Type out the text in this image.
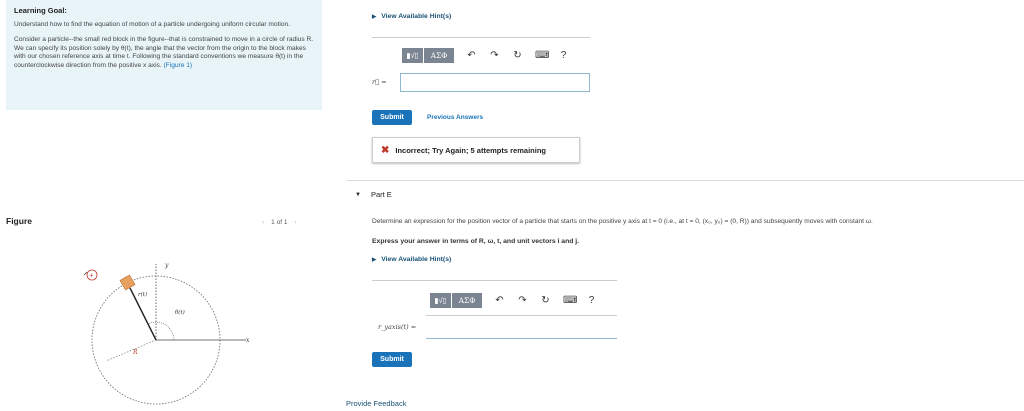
Learning Goal:
Understand how to find the equation of motion of a particle undergoing uniform circular motion.
Consider a particle--the small red block in the figure--that is constrained to move in a circle of radius R. We can specify its position solely by θ(t), the angle that the vector from the origin to the block makes with our chosen reference axis at time t. Following the standard conventions we measure θ(t) in the counterclockwise direction from the positive x axis. (Figure 1)
Figure	‹ 1 of 1 ›
y
x
θ(t)
r(t)
R
+
▶ View Available Hint(s)
▮√▯	ΑΣΦ	↶ ↷ ↻ ⌨ ?
r⃗ =
Submit	Previous Answers
✖ Incorrect; Try Again; 5 attempts remaining
▼ Part E
Determine an expression for the position vector of a particle that starts on the positive y axis at t = 0 (i.e., at t = 0, (x₀, y₀) = (0, R)) and subsequently moves with constant ω.
Express your answer in terms of R, ω, t, and unit vectors î and ĵ.
▶ View Available Hint(s)
▮√▯	ΑΣΦ	↶ ↷ ↻ ⌨ ?
r_yaxis(t) =
Submit
Provide Feedback
